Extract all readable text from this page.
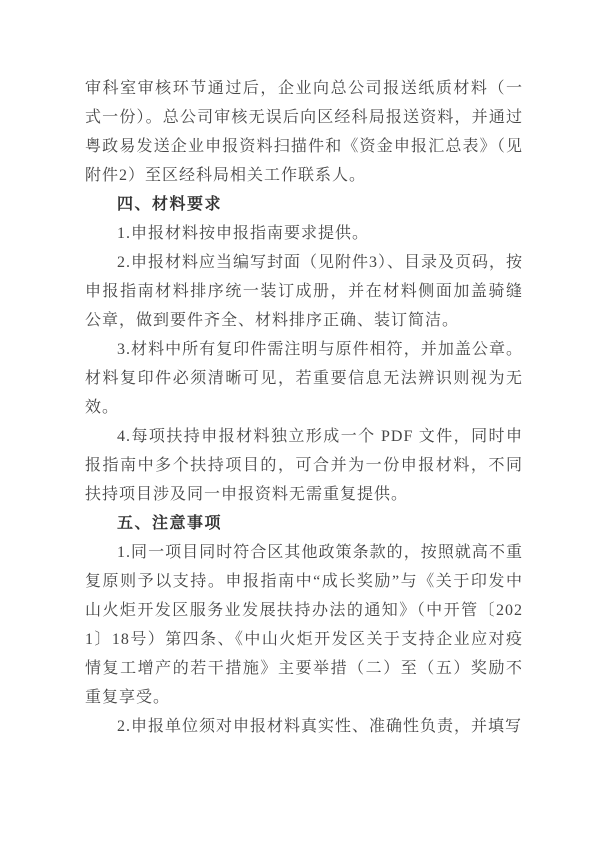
审科室审核环节通过后，企业向总公司报送纸质材料（一式一份）。总公司审核无误后向区经科局报送资料，并通过粤政易发送企业申报资料扫描件和《资金申报汇总表》（见附件2）至区经科局相关工作联系人。

四、材料要求

1.申报材料按申报指南要求提供。

2.申报材料应当编写封面（见附件3）、目录及页码，按申报指南材料排序统一装订成册，并在材料侧面加盖骑缝公章，做到要件齐全、材料排序正确、装订简洁。

3.材料中所有复印件需注明与原件相符，并加盖公章。材料复印件必须清晰可见，若重要信息无法辨识则视为无效。

4.每项扶持申报材料独立形成一个 PDF 文件，同时申报指南中多个扶持项目的，可合并为一份申报材料，不同扶持项目涉及同一申报资料无需重复提供。

五、注意事项

1.同一项目同时符合区其他政策条款的，按照就高不重复原则予以支持。申报指南中“成长奖励”与《关于印发中山火炬开发区服务业发展扶持办法的通知》（中开管〔2021〕18号）第四条、《中山火炬开发区关于支持企业应对疫情复工增产的若干措施》主要举措（二）至（五）奖励不重复享受。

2.申报单位须对申报材料真实性、准确性负责，并填写
